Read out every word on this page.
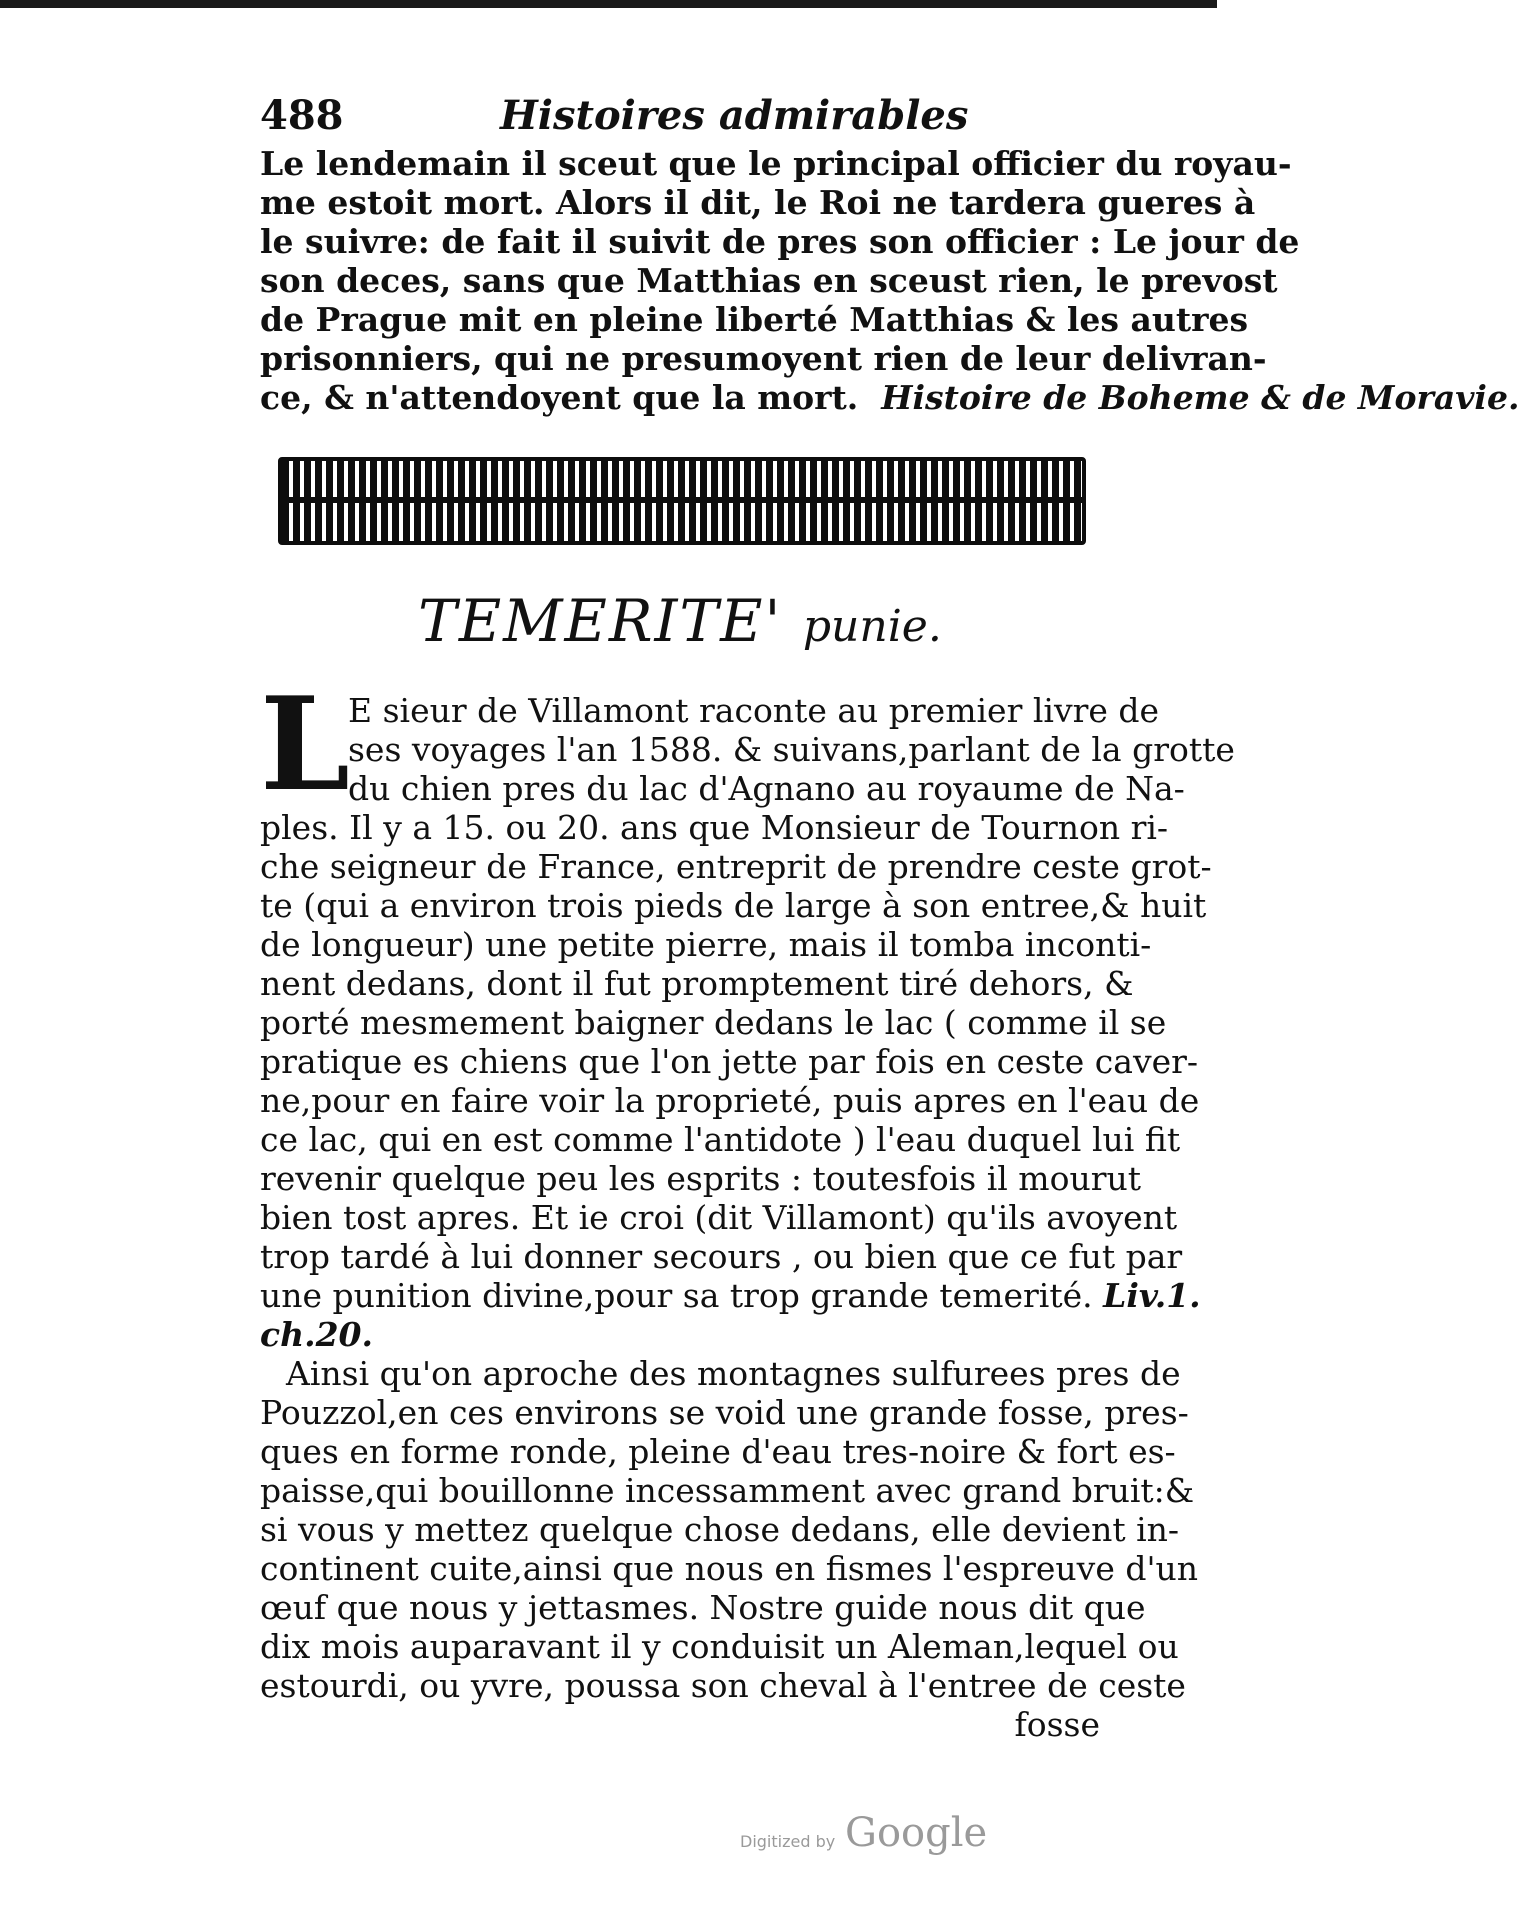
488	Histoires admirables
Le lendemain il sceut que le principal officier du royau-
me estoit mort. Alors il dit, le Roi ne tardera gueres à
le suivre: de fait il suivit de pres son officier : Le jour de
son deces, sans que Matthias en sceust rien, le prevost
de Prague mit en pleine liberté Matthias & les autres
prisonniers, qui ne presumoyent rien de leur delivran-
ce, & n'attendoyent que la mort. Histoire de Boheme & de Moravie.
TEMERITE' punie.
L
E sieur de Villamont raconte au premier livre de
ses voyages l'an 1588. & suivans,parlant de la grotte
du chien pres du lac d'Agnano au royaume de Na-
ples. Il y a 15. ou 20. ans que Monsieur de Tournon ri-
che seigneur de France, entreprit de prendre ceste grot-
te (qui a environ trois pieds de large à son entree,& huit
de longueur) une petite pierre, mais il tomba inconti-
nent dedans, dont il fut promptement tiré dehors, &
porté mesmement baigner dedans le lac ( comme il se
pratique es chiens que l'on jette par fois en ceste caver-
ne,pour en faire voir la proprieté, puis apres en l'eau de
ce lac, qui en est comme l'antidote ) l'eau duquel lui fit
revenir quelque peu les esprits : toutesfois il mourut
bien tost apres. Et ie croi (dit Villamont) qu'ils avoyent
trop tardé à lui donner secours , ou bien que ce fut par
une punition divine,pour sa trop grande temerité. Liv.1.
ch.20.
Ainsi qu'on aproche des montagnes sulfurees pres de
Pouzzol,en ces environs se void une grande fosse, pres-
ques en forme ronde, pleine d'eau tres-noire & fort es-
paisse,qui bouillonne incessamment avec grand bruit:&
si vous y mettez quelque chose dedans, elle devient in-
continent cuite,ainsi que nous en fismes l'espreuve d'un
œuf que nous y jettasmes. Nostre guide nous dit que
dix mois auparavant il y conduisit un Aleman,lequel ou
estourdi, ou yvre, poussa son cheval à l'entree de ceste
fosse
Digitized by Google
